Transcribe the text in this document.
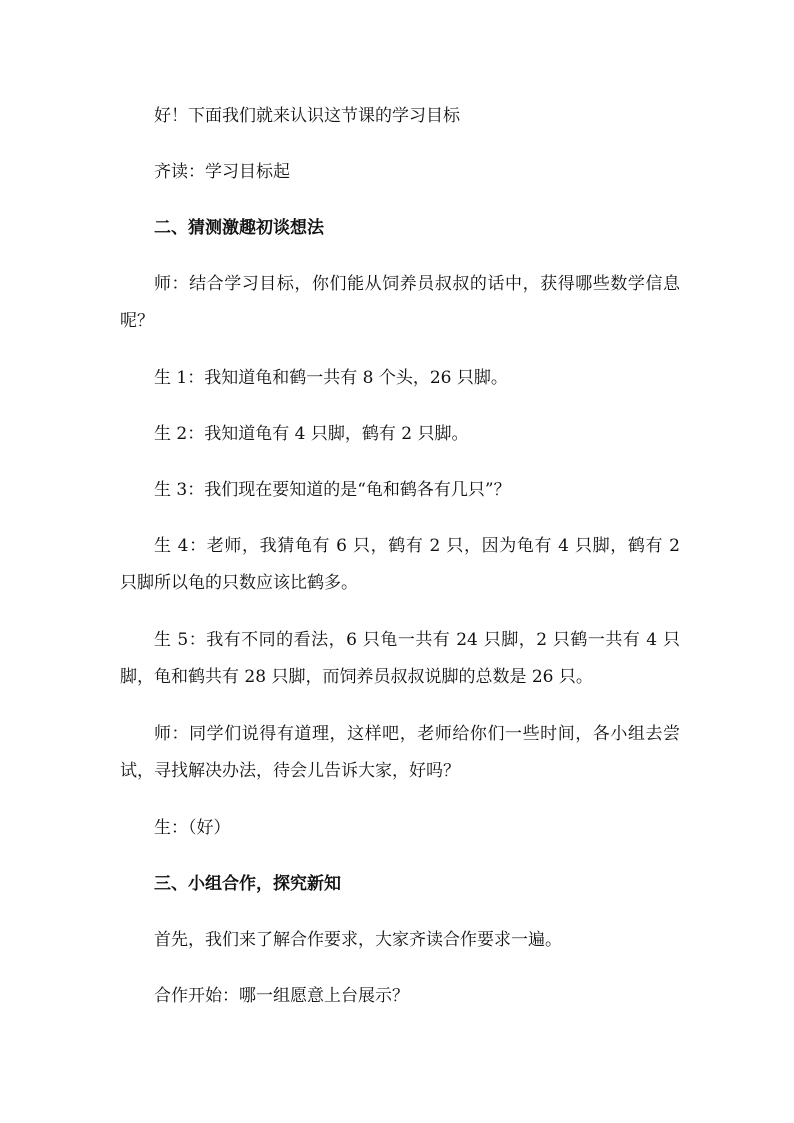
好！下面我们就来认识这节课的学习目标

齐读：学习目标起

二、猜测激趣初谈想法

师：结合学习目标，你们能从饲养员叔叔的话中，获得哪些数学信息呢？

生 1：我知道龟和鹤一共有 8 个头，26 只脚。

生 2：我知道龟有 4 只脚，鹤有 2 只脚。

生 3：我们现在要知道的是“龟和鹤各有几只”？

生 4：老师，我猜龟有 6 只，鹤有 2 只，因为龟有 4 只脚，鹤有 2 只脚所以龟的只数应该比鹤多。

生 5：我有不同的看法，6 只龟一共有 24 只脚，2 只鹤一共有 4 只脚，龟和鹤共有 28 只脚，而饲养员叔叔说脚的总数是 26 只。

师：同学们说得有道理，这样吧，老师给你们一些时间，各小组去尝试，寻找解决办法，待会儿告诉大家，好吗？

生：（好）

三、小组合作，探究新知

首先，我们来了解合作要求，大家齐读合作要求一遍。

合作开始：哪一组愿意上台展示？
